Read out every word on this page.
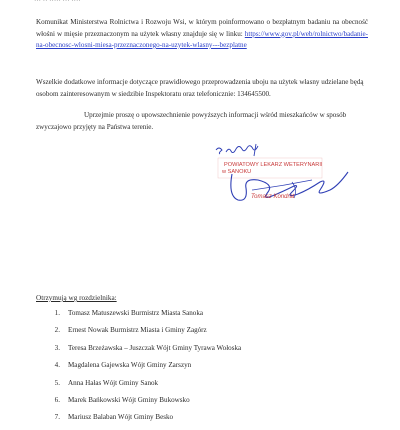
··· ·· ····· ··· ····

Komunikat Ministerstwa Rolnictwa i Rozwoju Wsi, w którym poinformowano o bezpłatnym badaniu na obecność włośni w mięsie przeznaczonym na użytek własny znajduje się w linku: https://www.gov.pl/web/rolnictwo/badanie-na-obecnosc-wlosni-miesa-przeznaczonego-na-uzytek-wlasny---bezplatne

Wszelkie dodatkowe informacje dotyczące prawidłowego przeprowadzenia uboju na użytek własny udzielane będą osobom zainteresowanym w siedzibie Inspektoratu oraz telefonicznie: 134645500.

Uprzejmie proszę o upowszechnienie powyższych informacji wśród mieszkańców w sposób zwyczajowo przyjęty na Państwa terenie.

POWIATOWY LEKARZ WETERYNARII
w SANOKU
Tomasz Kondrat
Otrzymują wg rozdzielnika:
1.	Tomasz Matuszewski Burmistrz Miasta Sanoka
2.	Ernest Nowak Burmistrz Miasta i Gminy Zagórz
3.	Teresa Brzeżawska – Juszczak Wójt Gminy Tyrawa Wołoska
4.	Magdalena Gajewska Wójt Gminy Zarszyn
5.	Anna Hałas Wójt Gminy Sanok
6.	Marek Bańkowski Wójt Gminy Bukowsko
7.	Mariusz Balaban Wójt Gminy Besko
